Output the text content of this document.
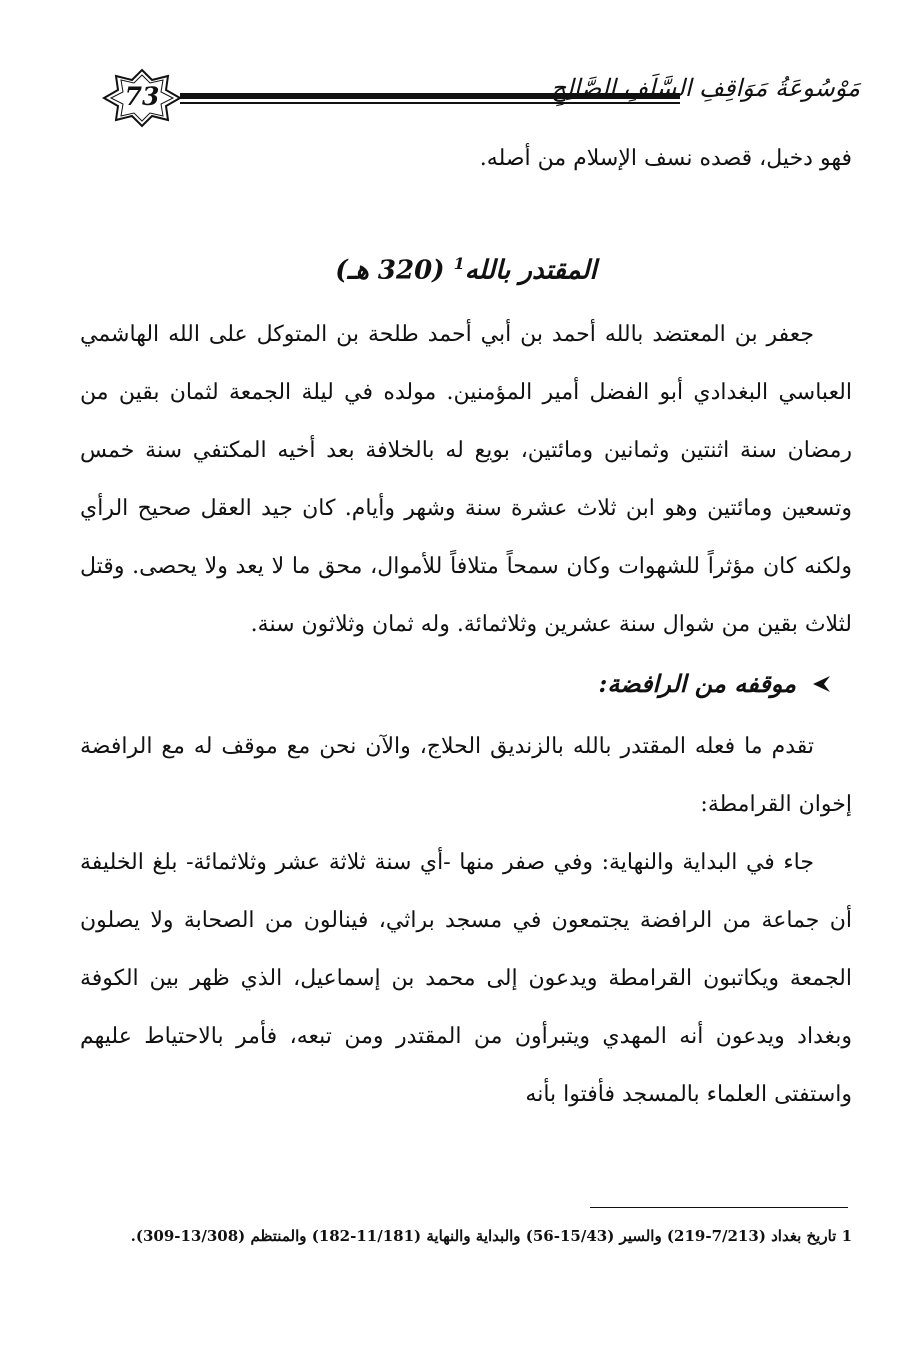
73	مَوْسُوعَةُ مَوَاقِفِ السَّلَفِ الصَّالِحِ

فهو دخيل، قصده نسف الإسلام من أصله.

المقتدر بالله$^1$ (320 هـ)

جعفر بن المعتضد بالله أحمد بن أبي أحمد طلحة بن المتوكل على الله الهاشمي العباسي البغدادي أبو الفضل أمير المؤمنين. مولده في ليلة الجمعة لثمان بقين من رمضان سنة اثنتين وثمانين ومائتين، بويع له بالخلافة بعد أخيه المكتفي سنة خمس وتسعين ومائتين وهو ابن ثلاث عشرة سنة وشهر وأيام. كان جيد العقل صحيح الرأي ولكنه كان مؤثراً للشهوات وكان سمحاً متلافاً للأموال، محق ما لا يعد ولا يحصى. وقتل لثلاث بقين من شوال سنة عشرين وثلاثمائة. وله ثمان وثلاثون سنة.

موقفه من الرافضة:

تقدم ما فعله المقتدر بالله بالزنديق الحلاج، والآن نحن مع موقف له مع الرافضة إخوان القرامطة:

جاء في البداية والنهاية: وفي صفر منها -أي سنة ثلاثة عشر وثلاثمائة- بلغ الخليفة أن جماعة من الرافضة يجتمعون في مسجد براثي، فينالون من الصحابة ولا يصلون الجمعة ويكاتبون القرامطة ويدعون إلى محمد بن إسماعيل، الذي ظهر بين الكوفة وبغداد ويدعون أنه المهدي ويتبرأون من المقتدر ومن تبعه، فأمر بالاحتياط عليهم واستفتى العلماء بالمسجد فأفتوا بأنه

1 تاريخ بغداد (7/213-219) والسير (15/43-56) والبداية والنهاية (11/181-182) والمنتظم (13/308-309).
